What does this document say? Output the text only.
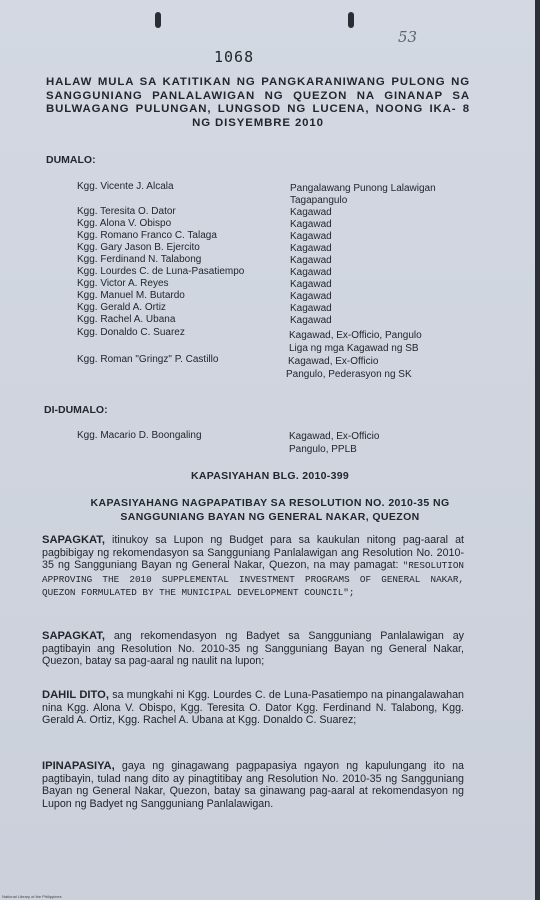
53
1068
HALAW MULA SA KATITIKAN NG PANGKARANIWANG PULONG NG SANGGUNIANG PANLALAWIGAN NG QUEZON NA GINANAP SA BULWAGANG PULUNGAN, LUNGSOD NG LUCENA, NOONG IKA- 8 NG DISYEMBRE 2010
DUMALO:
Kgg. Vicente J. Alcala	Pangalawang Punong Lalawigan
Tagapangulo
Kgg. Teresita O. Dator	Kagawad
Kgg. Alona V. Obispo	Kagawad
Kgg. Romano Franco C. Talaga	Kagawad
Kgg. Gary Jason B. Ejercito	Kagawad
Kgg. Ferdinand N. Talabong	Kagawad
Kgg. Lourdes C. de Luna-Pasatiempo	Kagawad
Kgg. Victor A. Reyes	Kagawad
Kgg. Manuel M. Butardo	Kagawad
Kgg. Gerald A. Ortiz	Kagawad
Kgg. Rachel A. Ubana	Kagawad
Kgg. Donaldo C. Suarez	Kagawad, Ex-Officio, Pangulo
Liga ng mga Kagawad ng SB
Kgg. Roman "Gringz" P. Castillo	Kagawad, Ex-Officio
Pangulo, Pederasyon ng SK
DI-DUMALO:
Kgg. Macario D. Boongaling	Kagawad, Ex-Officio
Pangulo, PPLB
KAPASIYAHAN BLG. 2010-399
KAPASIYAHANG NAGPAPATIBAY SA RESOLUTION NO. 2010-35 NG
SANGGUNIANG BAYAN NG GENERAL NAKAR, QUEZON
SAPAGKAT, itinukoy sa Lupon ng Budget para sa kaukulan nitong pag-aaral at pagbibigay ng rekomendasyon sa Sangguniang Panlalawigan ang Resolution No. 2010-35 ng Sangguniang Bayan ng General Nakar, Quezon, na may pamagat: "RESOLUTION APPROVING THE 2010 SUPPLEMENTAL INVESTMENT PROGRAMS OF GENERAL NAKAR, QUEZON FORMULATED BY THE MUNICIPAL DEVELOPMENT COUNCIL";
SAPAGKAT, ang rekomendasyon ng Badyet sa Sangguniang Panlalawigan ay pagtibayin ang Resolution No. 2010-35 ng Sangguniang Bayan ng General Nakar, Quezon, batay sa pag-aaral ng naulit na lupon;
DAHIL DITO, sa mungkahi ni Kgg. Lourdes C. de Luna-Pasatiempo na pinangalawahan nina Kgg. Alona V. Obispo, Kgg. Teresita O. Dator Kgg. Ferdinand N. Talabong, Kgg. Gerald A. Ortiz, Kgg. Rachel A. Ubana at Kgg. Donaldo C. Suarez;
IPINAPASIYA, gaya ng ginagawang pagpapasiya ngayon ng kapulungang ito na pagtibayin, tulad nang dito ay pinagtitibay ang Resolution No. 2010-35 ng Sangguniang Bayan ng General Nakar, Quezon, batay sa ginawang pag-aaral at rekomendasyon ng Lupon ng Badyet ng Sangguniang Panlalawigan.
National Library of the Philippines
